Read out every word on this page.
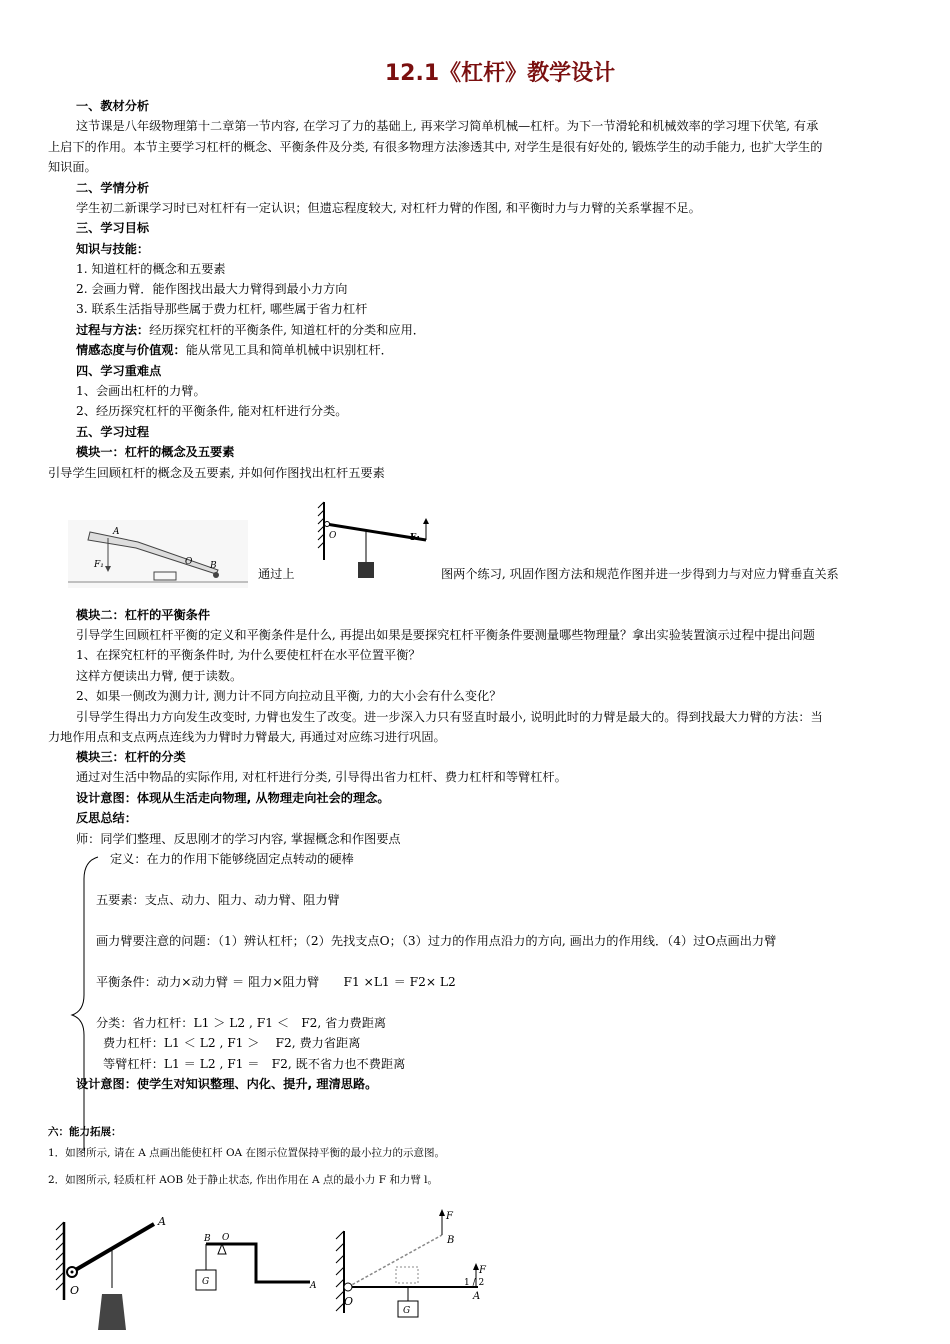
12.1《杠杆》教学设计
一、教材分析
这节课是八年级物理第十二章第一节内容, 在学习了力的基础上, 再来学习简单机械—杠杆。为下一节滑轮和机械效率的学习埋下伏笔, 有承
上启下的作用。本节主要学习杠杆的概念、平衡条件及分类, 有很多物理方法渗透其中, 对学生是很有好处的, 锻炼学生的动手能力, 也扩大学生的
知识面。
二、学情分析
学生初二新课学习时已对杠杆有一定认识；但遗忘程度较大, 对杠杆力臂的作图, 和平衡时力与力臂的关系掌握不足。
三、学习目标
知识与技能：
1. 知道杠杆的概念和五要素
2. 会画力臂．能作图找出最大力臂得到最小力方向
3. 联系生活指导那些属于费力杠杆, 哪些属于省力杠杆
过程与方法：经历探究杠杆的平衡条件, 知道杠杆的分类和应用．
情感态度与价值观：能从常见工具和简单机械中识别杠杆．
四、学习重难点
1、会画出杠杆的力臂。
2、经历探究杠杆的平衡条件, 能对杠杆进行分类。
五、学习过程
模块一：杠杆的概念及五要素
引导学生回顾杠杆的概念及五要素, 并如何作图找出杠杆五要素
A
F₁	O B
通过上
O	F₁
图两个练习, 巩固作图方法和规范作图并进一步得到力与对应力臂垂直关系
模块二：杠杆的平衡条件
引导学生回顾杠杆平衡的定义和平衡条件是什么, 再提出如果是要探究杠杆平衡条件要测量哪些物理量？拿出实验装置演示过程中提出问题
1、在探究杠杆的平衡条件时, 为什么要使杠杆在水平位置平衡？
这样方便读出力臂, 便于读数。
2、如果一侧改为测力计, 测力计不同方向拉动且平衡, 力的大小会有什么变化？
引导学生得出力方向发生改变时, 力臂也发生了改变。进一步深入力只有竖直时最小, 说明此时的力臂是最大的。得到找最大力臂的方法：当
力地作用点和支点两点连线为力臂时力臂最大, 再通过对应练习进行巩固。
模块三：杠杆的分类
通过对生活中物品的实际作用, 对杠杆进行分类, 引导得出省力杠杆、费力杠杆和等臂杠杆。
设计意图：体现从生活走向物理, 从物理走向社会的理念。
反思总结：
师：同学们整理、反思刚才的学习内容, 掌握概念和作图要点
定义：在力的作用下能够绕固定点转动的硬棒
五要素：支点、动力、阻力、动力臂、阻力臂
画力臂要注意的问题：（1）辨认杠杆；（2）先找支点O；（3）过力的作用点沿力的方向, 画出力的作用线．（4）过O点画出力臂
平衡条件：动力×动力臂 ＝ 阻力×阻力臂　　F1 ×L1 ＝ F2× L2
分类：省力杠杆：L1 ＞ L2 , F1 ＜　F2, 省力费距离
费力杠杆：L1 ＜ L2 , F1 ＞　 F2, 费力省距离
等臂杠杆：L1 ＝ L2 , F1 ＝　F2, 既不省力也不费距离
设计意图：使学生对知识整理、内化、提升, 理清思路。
六：能力拓展：
1．如图所示, 请在 A 点画出能使杠杆 OA 在图示位置保持平衡的最小拉力的示意图。
2．如图所示, 轻质杠杆 AOB 处于静止状态, 作出作用在 A 点的最小力 F 和力臂 l。
A
O
B O
A
G
O
F
B
F
A
G
1 / 2
